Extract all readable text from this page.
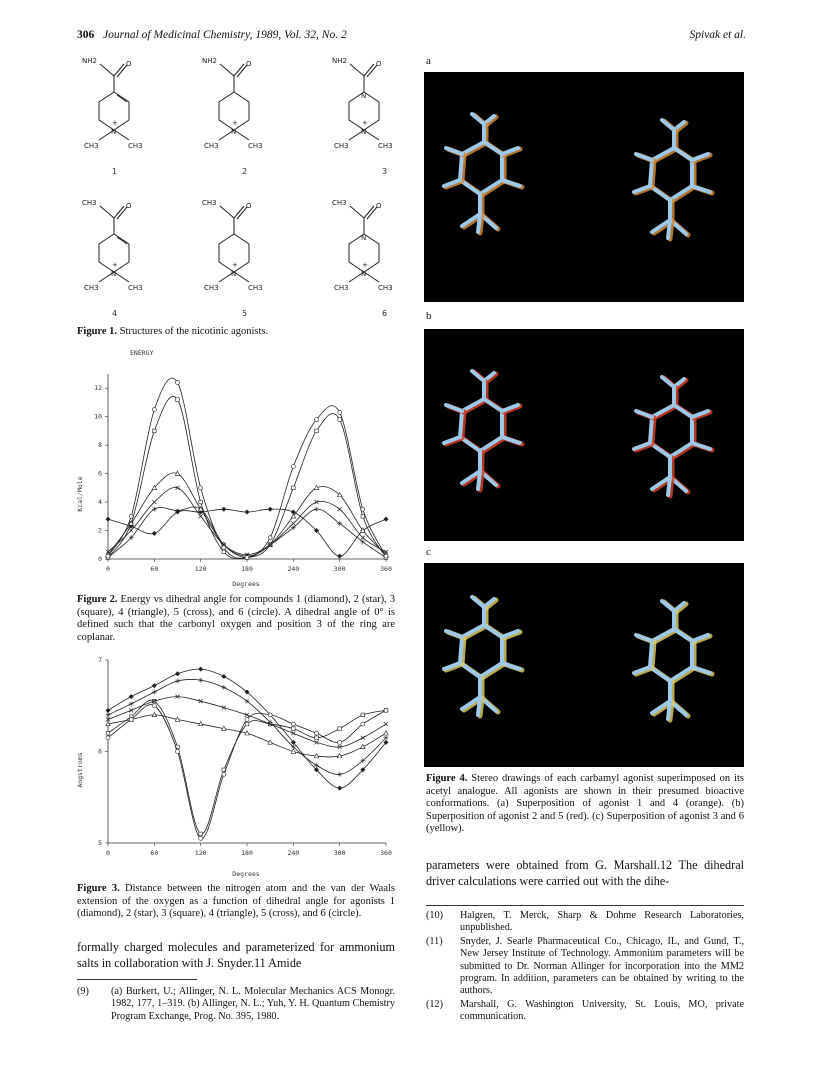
306 Journal of Medicinal Chemistry, 1989, Vol. 32, No. 2	Spivak et al.
NH2	O
N
+
CH3	CH3
1
NH2	O
N
+
CH3	CH3
2
NH2	O
N
+
CH3	CH3
N
3
CH3	O
N
+
CH3	CH3
4
CH3	O
N
+
CH3	CH3
5
CH3	O
N
+
CH3	CH3
N
6
Figure 1. Structures of the nicotinic agonists.
ENERGY
Kcal/Mole
Degrees
0	60	120	180	240	300	360
0
2
4
6
8
10
12
Figure 2. Energy vs dihedral angle for compounds 1 (diamond), 2 (star), 3 (square), 4 (triangle), 5 (cross), and 6 (circle). A dihedral angle of 0° is defined such that the carbonyl oxygen and position 3 of the ring are coplanar.
Angstroms
Degrees
0	60	120	180	240	300	360
5
6
7
Figure 3. Distance between the nitrogen atom and the van der Waals extension of the oxygen as a function of dihedral angle for agonists 1 (diamond), 2 (star), 3 (square), 4 (triangle), 5 (cross), and 6 (circle).
formally charged molecules and parameterized for ammonium salts in collaboration with J. Snyder.11 Amide
(9) (a) Burkert, U.; Allinger, N. L. Molecular Mechanics ACS Monogr. 1982, 177, 1–319. (b) Allinger, N. L.; Yuh, Y. H. Quantum Chemistry Program Exchange, Prog. No. 395, 1980.
a
b
c
Figure 4. Stereo drawings of each carbamyl agonist superimposed on its acetyl analogue. All agonists are shown in their presumed bioactive conformations. (a) Superposition of agonist 1 and 4 (orange). (b) Superposition of agonist 2 and 5 (red). (c) Superposition of agonist 3 and 6 (yellow).
parameters were obtained from G. Marshall.12 The dihedral driver calculations were carried out with the dihe-
(10) Halgren, T. Merck, Sharp & Dohme Research Laboratories, unpublished.
(11) Snyder, J. Searle Pharmaceutical Co., Chicago, IL, and Gund, T., New Jersey Institute of Technology. Ammonium parameters will be submitted to Dr. Norman Allinger for incorporation into the MM2 program. In addition, parameters can be obtained by writing to the authors.
(12) Marshall, G. Washington University, St. Louis, MO, private communication.
